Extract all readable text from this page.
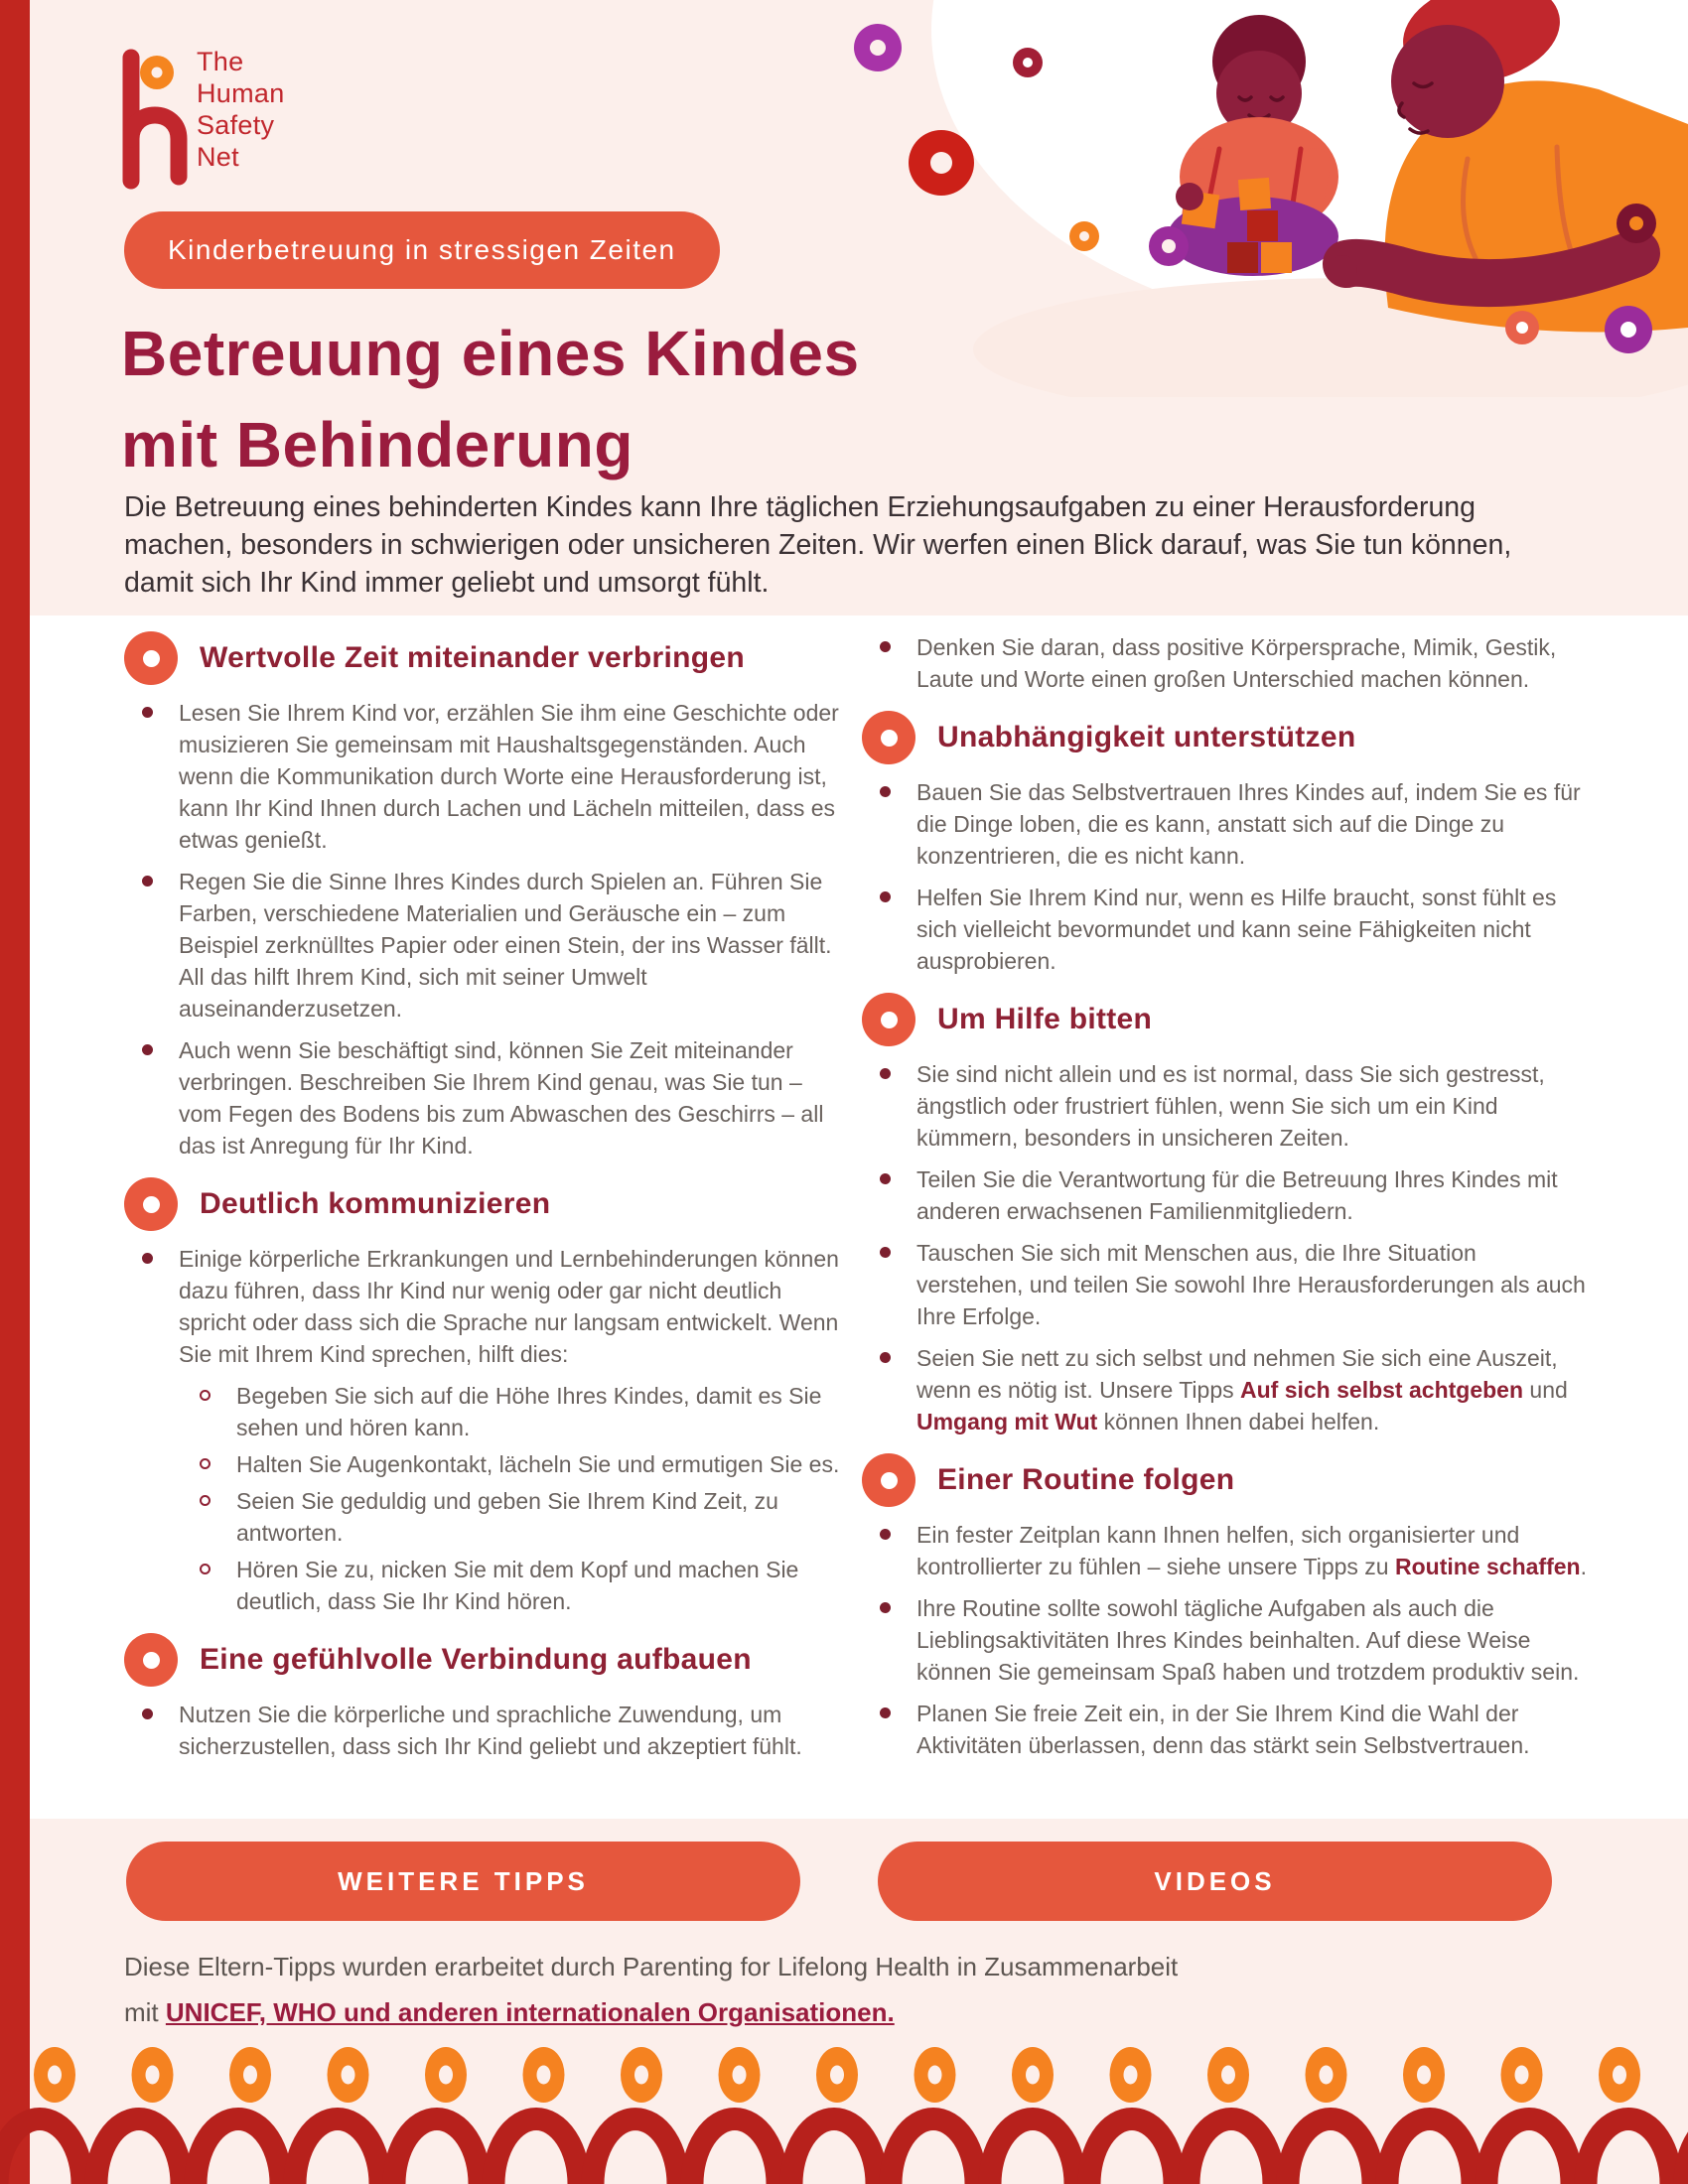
The
Human
Safety
Net
Kinderbetreuung in stressigen Zeiten
Betreuung eines Kindes
mit Behinderung
Die Betreuung eines behinderten Kindes kann Ihre täglichen Erziehungsaufgaben zu einer Herausforderung machen, besonders in schwierigen oder unsicheren Zeiten. Wir werfen einen Blick darauf, was Sie tun können, damit sich Ihr Kind immer geliebt und umsorgt fühlt.
Wertvolle Zeit miteinander verbringen
Lesen Sie Ihrem Kind vor, erzählen Sie ihm eine Geschichte oder musizieren Sie gemeinsam mit Haushaltsgegenständen. Auch wenn die Kommunikation durch Worte eine Herausforderung ist, kann Ihr Kind Ihnen durch Lachen und Lächeln mitteilen, dass es etwas genießt.
Regen Sie die Sinne Ihres Kindes durch Spielen an. Führen Sie Farben, verschiedene Materialien und Geräusche ein – zum Beispiel zerknülltes Papier oder einen Stein, der ins Wasser fällt. All das hilft Ihrem Kind, sich mit seiner Umwelt auseinanderzusetzen.
Auch wenn Sie beschäftigt sind, können Sie Zeit miteinander verbringen. Beschreiben Sie Ihrem Kind genau, was Sie tun – vom Fegen des Bodens bis zum Abwaschen des Geschirrs – all das ist Anregung für Ihr Kind.
Deutlich kommunizieren
Einige körperliche Erkrankungen und Lernbehinderungen können dazu führen, dass Ihr Kind nur wenig oder gar nicht deutlich spricht oder dass sich die Sprache nur langsam entwickelt. Wenn Sie mit Ihrem Kind sprechen, hilft dies:
Begeben Sie sich auf die Höhe Ihres Kindes, damit es Sie sehen und hören kann.
Halten Sie Augenkontakt, lächeln Sie und ermutigen Sie es.
Seien Sie geduldig und geben Sie Ihrem Kind Zeit, zu antworten.
Hören Sie zu, nicken Sie mit dem Kopf und machen Sie deutlich, dass Sie Ihr Kind hören.
Eine gefühlvolle Verbindung aufbauen
Nutzen Sie die körperliche und sprachliche Zuwendung, um sicherzustellen, dass sich Ihr Kind geliebt und akzeptiert fühlt.
Denken Sie daran, dass positive Körpersprache, Mimik, Gestik, Laute und Worte einen großen Unterschied machen können.
Unabhängigkeit unterstützen
Bauen Sie das Selbstvertrauen Ihres Kindes auf, indem Sie es für die Dinge loben, die es kann, anstatt sich auf die Dinge zu konzentrieren, die es nicht kann.
Helfen Sie Ihrem Kind nur, wenn es Hilfe braucht, sonst fühlt es sich vielleicht bevormundet und kann seine Fähigkeiten nicht ausprobieren.
Um Hilfe bitten
Sie sind nicht allein und es ist normal, dass Sie sich gestresst, ängstlich oder frustriert fühlen, wenn Sie sich um ein Kind kümmern, besonders in unsicheren Zeiten.
Teilen Sie die Verantwortung für die Betreuung Ihres Kindes mit anderen erwachsenen Familienmitgliedern.
Tauschen Sie sich mit Menschen aus, die Ihre Situation verstehen, und teilen Sie sowohl Ihre Herausforderungen als auch Ihre Erfolge.
Seien Sie nett zu sich selbst und nehmen Sie sich eine Auszeit, wenn es nötig ist. Unsere Tipps Auf sich selbst achtgeben und Umgang mit Wut können Ihnen dabei helfen.
Einer Routine folgen
Ein fester Zeitplan kann Ihnen helfen, sich organisierter und kontrollierter zu fühlen – siehe unsere Tipps zu Routine schaffen.
Ihre Routine sollte sowohl tägliche Aufgaben als auch die Lieblingsaktivitäten Ihres Kindes beinhalten. Auf diese Weise können Sie gemeinsam Spaß haben und trotzdem produktiv sein.
Planen Sie freie Zeit ein, in der Sie Ihrem Kind die Wahl der Aktivitäten überlassen, denn das stärkt sein Selbstvertrauen.
WEITERE TIPPS	VIDEOS
Diese Eltern-Tipps wurden erarbeitet durch Parenting for Lifelong Health in Zusammenarbeit
mit UNICEF, WHO und anderen internationalen Organisationen.
